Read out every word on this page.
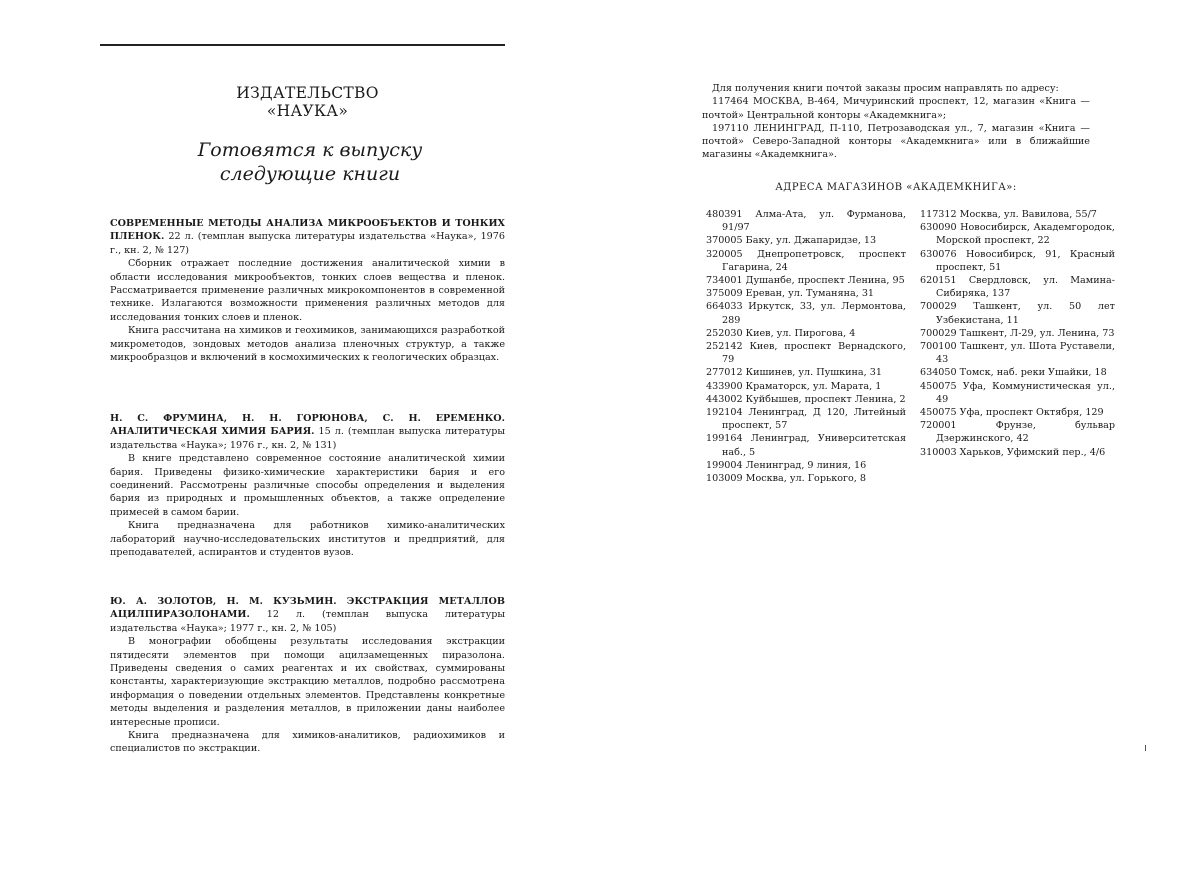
ИЗДАТЕЛЬСТВО «НАУКА»
Готовятся к выпуску
следующие книги

СОВРЕМЕННЫЕ МЕТОДЫ АНАЛИЗА МИКРООБЪЕКТОВ И ТОНКИХ ПЛЕНОК. 22 л. (темплан выпуска литературы издательства «Наука», 1976 г., кн. 2, № 127)

Сборник отражает последние достижения аналитической химии в области исследования микрообъектов, тонких слоев вещества и пленок. Рассматривается применение различных микрокомпонентов в современной технике. Излагаются возможности применения различных методов для исследования тонких слоев и пленок.

Книга рассчитана на химиков и геохимиков, занимающихся разработкой микрометодов, зондовых методов анализа пленочных структур, а также микрообразцов и включений в космохимических к геологических образцах.

Н. С. ФРУМИНА, Н. Н. ГОРЮНОВА, С. Н. ЕРЕМЕНКО. АНАЛИТИЧЕСКАЯ ХИМИЯ БАРИЯ. 15 л. (темплан выпуска литературы издательства «Наука»; 1976 г., кн. 2, № 131)

В книге представлено современное состояние аналитической химии бария. Приведены физико-химические характеристики бария и его соединений. Рассмотрены различные способы определения и выделения бария из природных и промышленных объектов, а также определение примесей в самом барии.

Книга предназначена для работников химико-аналитических лабораторий научно-исследовательских институтов и предприятий, для преподавателей, аспирантов и студентов вузов.

Ю. А. ЗОЛОТОВ, Н. М. КУЗЬМИН. ЭКСТРАКЦИЯ МЕТАЛЛОВ АЦИЛПИРАЗОЛОНАМИ. 12 л. (темплан выпуска литературы издательства «Наука»; 1977 г., кн. 2, № 105)

В монографии обобщены результаты исследования экстракции пятидесяти элементов при помощи ацилзамещенных пиразолона. Приведены сведения о самих реагентах и их свойствах, суммированы константы, характеризующие экстракцию металлов, подробно рассмотрена информация о поведении отдельных элементов. Представлены конкретные методы выделения и разделения металлов, в приложении даны наиболее интересные прописи.

Книга предназначена для химиков-аналитиков, радиохимиков и специалистов по экстракции.

Для получения книги почтой заказы просим направлять по адресу:

117464 МОСКВА, В-464, Мичуринский проспект, 12, магазин «Книга — почтой» Центральной конторы «Академкнига»;

197110 ЛЕНИНГРАД, П-110, Петрозаводская ул., 7, магазин «Книга — почтой» Северо-Западной конторы «Академкнига» или в ближайшие магазины «Академкнига».

АДРЕСА МАГАЗИНОВ «АКАДЕМКНИГА»:

480391 Алма-Ата, ул. Фурманова, 91/97

370005 Баку, ул. Джапаридзе, 13

320005 Днепропетровск, проспект Гагарина, 24

734001 Душанбе, проспект Ленина, 95

375009 Ереван, ул. Туманяна, 31

664033 Иркутск, 33, ул. Лермонтова, 289

252030 Киев, ул. Пирогова, 4

252142 Киев, проспект Вернадского, 79

277012 Кишинев, ул. Пушкина, 31

433900 Краматорск, ул. Марата, 1

443002 Куйбышев, проспект Ленина, 2

192104 Ленинград, Д 120, Литейный проспект, 57

199164 Ленинград, Университетская наб., 5

199004 Ленинград, 9 линия, 16

103009 Москва, ул. Горького, 8

117312 Москва, ул. Вавилова, 55/7

630090 Новосибирск, Академгородок, Морской проспект, 22

630076 Новосибирск, 91, Красный проспект, 51

620151 Свердловск, ул. Мамина-Сибиряка, 137

700029 Ташкент, ул. 50 лет Узбекистана, 11

700029 Ташкент, Л-29, ул. Ленина, 73

700100 Ташкент, ул. Шота Руставели, 43

634050 Томск, наб. реки Ушайки, 18

450075 Уфа, Коммунистическая ул., 49

450075 Уфа, проспект Октября, 129

720001 Фрунзе, бульвар Дзержинского, 42

310003 Харьков, Уфимский пер., 4/6
